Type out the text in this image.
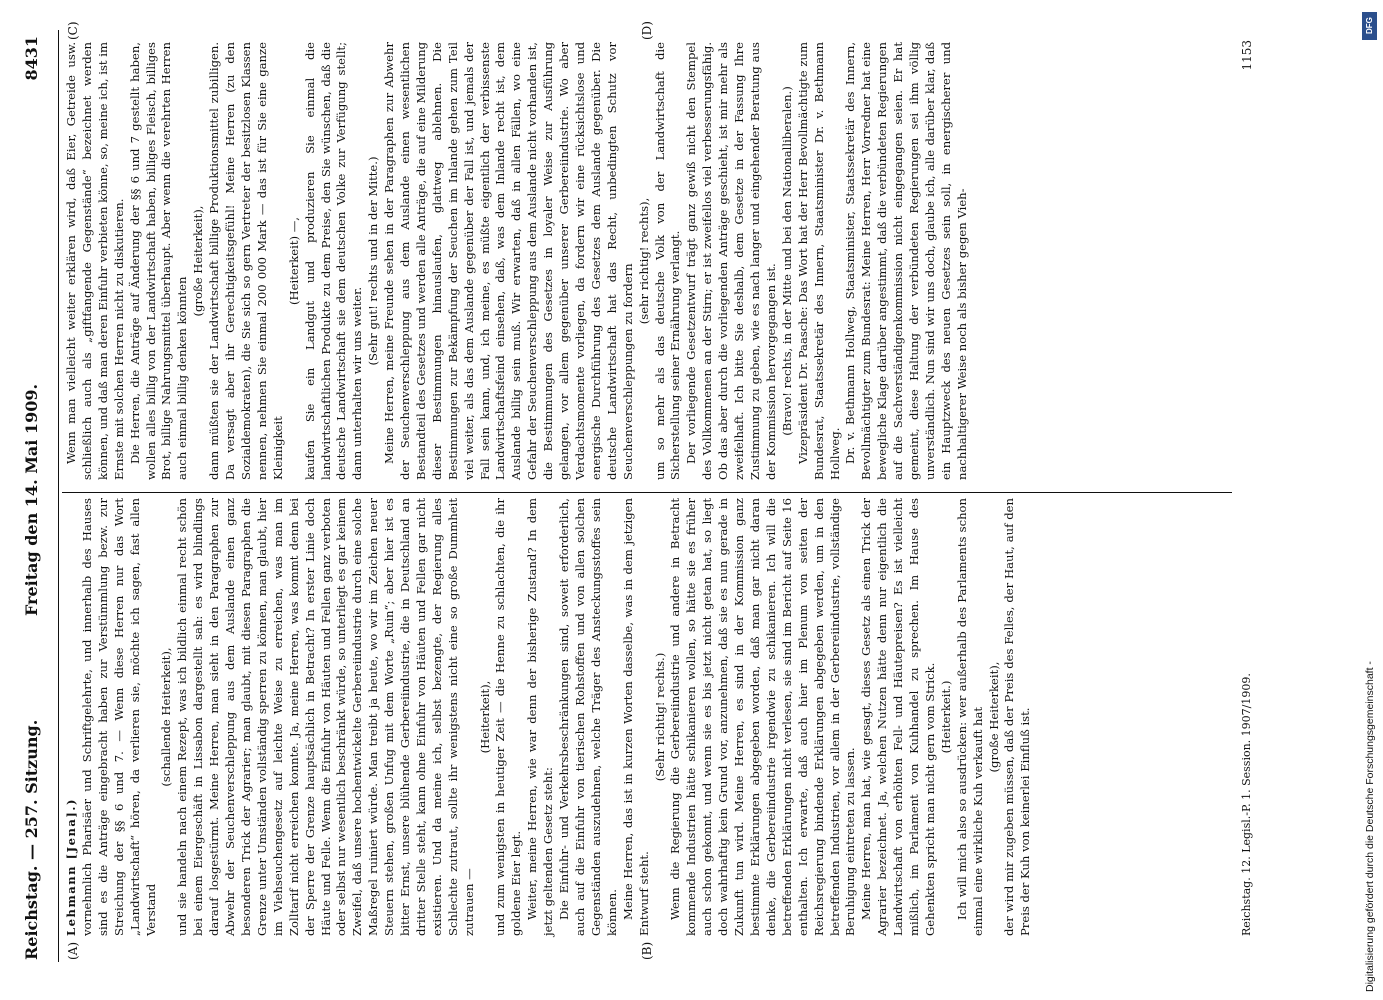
Reichstag. — 257. Sitzung.
Freitag den 14. Mai 1909.
8431
(A)	(B)
(C)	(D)

Lehmann [Jena].) vornehmlich Pharisäer und Schriftgelehrte, und innerhalb des Hauses sind es die Anträge eingebracht haben zur Verstümmlung bezw. zur Streichung der §§ 6 und 7. — Wenn diese Herren nur das Wort „Landwirtschaft“ hören, da verlieren sie, möchte ich sagen, fast allen Verstand

(schallende Heiterkeit), und sie handeln nach einem Rezept, was ich bildlich einmal recht schön bei einem Eiergeschäft in Lissabon dargestellt sah: es wird blindlings darauf losgestürmt. Meine Herren, man sieht in den Paragraphen zur Abwehr der Seuchenverschleppung aus dem Auslande einen ganz besonderen Trick der Agrarier; man glaubt, mit diesen Paragraphen die Grenze unter Umständen vollständig sperren zu können, man glaubt, hier im Viehseuchengesetz auf leichte Weise zu erreichen, was man im Zolltarif nicht erreichen konnte. Ja, meine Herren, was kommt denn bei der Sperre der Grenze hauptsächlich in Betracht? In erster Linie doch Häute und Felle. Wenn die Einfuhr von Häuten und Fellen ganz verboten oder selbst nur wesentlich beschränkt würde, so unterliegt es gar keinem Zweifel, daß unsere hochentwickelte Gerbereiindustrie durch eine solche Maßregel ruiniert würde. Man treibt ja heute, wo wir im Zeichen neuer Steuern stehen, großen Unfug mit dem Worte „Ruin“; aber hier ist es bitter Ernst, unsere blühende Gerbereiindustrie, die in Deutschland an dritter Stelle steht, kann ohne Einfuhr von Häuten und Fellen gar nicht existieren. Und da meine ich, selbst bezengte, der Regierung alles Schlechte zutraut, sollte ihr wenigstens nicht eine so große Dummheit zutrauen —

(Heiterkeit), und zum wenigsten in heutiger Zeit — die Henne zu schlachten, die ihr goldene Eier legt. Weiter, meine Herren, wie war denn der bisherige Zustand? In dem jetzt geltenden Gesetz steht: Die Einfuhr- und Verkehrsbeschränkungen sind, soweit erforderlich, auch auf die Einfuhr von tierischen Rohstoffen und von allen solchen Gegenständen auszudehnen, welche Träger des Ansteckungsstoffes sein können. Meine Herren, das ist in kurzen Worten dasselbe, was in dem jetzigen Entwurf steht.

(Sehr richtig! rechts.) Wenn die Regierung die Gerbereiindustrie und andere in Betracht kommende Industrien hätte schikanieren wollen, so hätte sie es früher auch schon gekonnt, und wenn sie es bis jetzt nicht getan hat, so liegt doch wahrhaftig kein Grund vor, anzunehmen, daß sie es nun gerade in Zukunft tun wird. Meine Herren, es sind in der Kommission ganz bestimmte Erklärungen abgegeben worden, daß man gar nicht daran denke, die Gerbereiindustrie irgendwie zu schikanieren. Ich will die betreffenden Erklärungen nicht verlesen, sie sind im Bericht auf Seite 16 enthalten. Ich erwarte, daß auch hier im Plenum von seiten der Reichsregierung bindende Erklärungen abgegeben werden, um in den betreffenden Industrien, vor allem in der Gerbereiindustrie, vollständige Beruhigung eintreten zu lassen. Meine Herren, man hat, wie gesagt, dieses Gesetz als einen Trick der Agrarier bezeichnet. Ja, welchen Nutzen hätte denn nur eigentlich die Landwirtschaft von erhöhten Fell- und Häutepreisen? Es ist vielleicht mißlich, im Parlament von Kuhhandel zu sprechen. Im Hause des Gehenkten spricht man nicht gern vom Strick. (Heiterkeit.) Ich will mich also so ausdrücken: wer außerhalb des Parlaments schon einmal eine wirkliche Kuh verkauft hat (große Heiterkeit), der wird mir zugeben müssen, daß der Preis des Felles, der Haut, auf den Preis der Kuh von keinerlei Einfluß ist.

Wenn man vielleicht weiter erklären wird, daß Eier, Getreide usw. schließlich auch als „giftfangende Gegenstände“ bezeichnet werden können, und daß man deren Einfuhr verbieten könne, so, meine ich, ist im Ernste mit solchen Herren nicht zu diskutieren. Die Herren, die Anträge auf Änderung der §§ 6 und 7 gestellt haben, wollen alles billig von der Landwirtschaft haben, billiges Fleisch, billiges Brot, billige Nahrungsmittel überhaupt. Aber wenn die verehrten Herren auch einmal billig denken könnten

(große Heiterkeit), dann müßten sie der Landwirtschaft billige Produktionsmittel zubilligen. Da versagt aber ihr Gerechtigkeitsgefühl! Meine Herren (zu den Sozialdemokraten), die Sie sich so gern Vertreter der besitzlosen Klassen nennen, nehmen Sie einmal 200 000 Mark — das ist für Sie eine ganze Kleinigkeit

(Heiterkeit) —, kaufen Sie ein Landgut und produzieren Sie einmal die landwirtschaftlichen Produkte zu dem Preise, den Sie wünschen, daß die deutsche Landwirtschaft sie dem deutschen Volke zur Verfügung stellt; dann unterhalten wir uns weiter.

(Sehr gut! rechts und in der Mitte.) Meine Herren, meine Freunde sehen in der Paragraphen zur Abwehr der Seuchenverschleppung aus dem Auslande einen wesentlichen Bestandteil des Gesetzes und werden alle Anträge, die auf eine Milderung dieser Bestimmungen hinauslaufen, glattweg ablehnen. Die Bestimmungen zur Bekämpfung der Seuchen im Inlande gehen zum Teil viel weiter, als das dem Auslande gegenüber der Fall ist, und jemals der Fall sein kann, und, ich meine, es müßte eigentlich der verbissenste Landwirtschaftsfeind einsehen, daß, was dem Inlande recht ist, dem Auslande billig sein muß. Wir erwarten, daß in allen Fällen, wo eine Gefahr der Seuchenverschleppung aus dem Auslande nicht vorhanden ist, die Bestimmungen des Gesetzes in loyaler Weise zur Ausführung gelangen, vor allem gegenüber unserer Gerbereiindustrie. Wo aber Verdachtsmomente vorliegen, da fordern wir eine rücksichtslose und energische Durchführung des Gesetzes dem Auslande gegenüber. Die deutsche Landwirtschaft hat das Recht, unbedingten Schutz vor Seuchenverschleppungen zu fordern

(sehr richtig! rechts), um so mehr als das deutsche Volk von der Landwirtschaft die Sicherstellung seiner Ernährung verlangt. Der vorliegende Gesetzentwurf trägt ganz gewiß nicht den Stempel des Vollkommenen an der Stirn; er ist zweifellos viel verbesserungsfähig. Ob das aber durch die vorliegenden Anträge geschieht, ist mir mehr als zweifelhaft. Ich bitte Sie deshalb, dem Gesetze in der Fassung Ihre Zustimmung zu geben, wie es nach langer und eingehender Beratung aus der Kommission hervorgegangen ist. (Bravo! rechts, in der Mitte und bei den Nationalliberalen.) Vizepräsident Dr. Paasche: Das Wort hat der Herr Bevollmächtigte zum Bundesrat, Staatssekretär des Innern, Staatsminister Dr. v. Bethmann Hollweg. Dr. v. Bethmann Hollweg, Staatsminister, Staatssekretär des Innern, Bevollmächtigter zum Bundesrat: Meine Herren, Herr Vorredner hat eine bewegliche Klage darüber angestimmt, daß die verbündeten Regierungen auf die Sachverständigenkommission nicht eingegangen seien. Er hat gemeint, diese Haltung der verbündeten Regierungen sei ihm völlig unverständlich. Nun sind wir uns doch, glaube ich, alle darüber klar, daß ein Hauptzweck des neuen Gesetzes sein soll, in energischerer und nachhaltigerer Weise noch als bisher gegen Vieh-

Reichstag. 12. Legisl.-P. 1. Session. 1907/1909.
1153
Digitalisierung gefördert durch die Deutsche Forschungsgemeinschaft -
DFG
